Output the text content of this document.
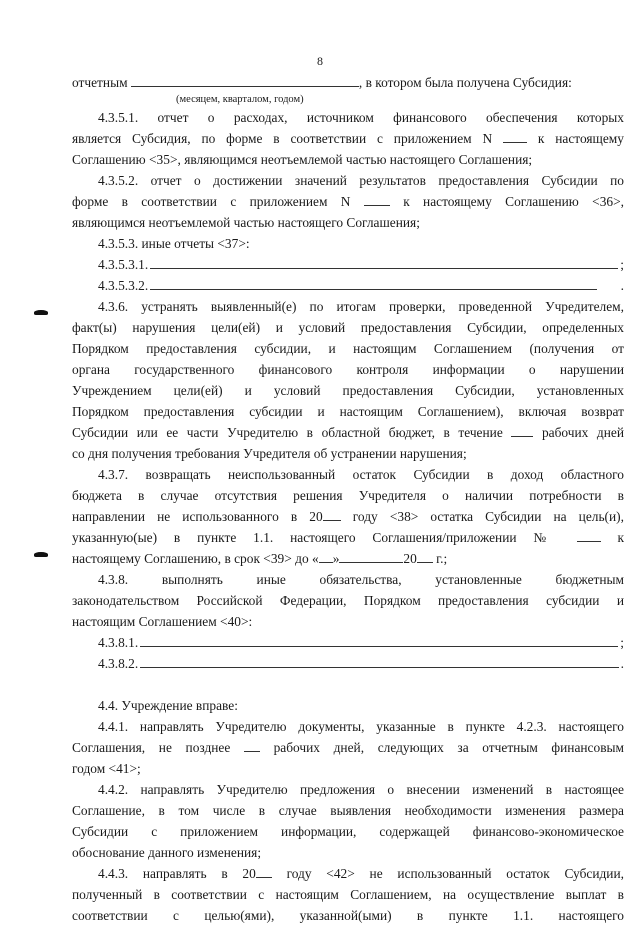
8
отчетным	, в котором была получена Субсидия:
(месяцем, кварталом, годом)
4.3.5.1. отчет о расходах, источником финансового обеспечения которых
является Субсидия, по форме в соответствии с приложением N	к настоящему
Соглашению <35>, являющимся неотъемлемой частью настоящего Соглашения;
4.3.5.2. отчет о достижении значений результатов предоставления Субсидии по
форме в соответствии с приложением N	к настоящему Соглашению <36>,
являющимся неотъемлемой частью настоящего Соглашения;
4.3.5.3. иные отчеты <37>:
4.3.5.3.1.	;
4.3.5.3.2.	.
4.3.6. устранять выявленный(е) по итогам проверки, проведенной Учредителем,
факт(ы) нарушения цели(ей) и условий предоставления Субсидии, определенных
Порядком предоставления субсидии, и настоящим Соглашением (получения от
органа государственного финансового контроля информации о нарушении
Учреждением цели(ей) и условий предоставления Субсидии, установленных
Порядком предоставления субсидии и настоящим Соглашением), включая возврат
Субсидии или ее части Учредителю в областной бюджет, в течение	рабочих дней
со дня получения требования Учредителя об устранении нарушения;
4.3.7. возвращать неиспользованный остаток Субсидии в доход областного
бюджета в случае отсутствия решения Учредителя о наличии потребности в
направлении не использованного в 20 году <38> остатка Субсидии на цель(и),
указанную(ые) в пункте 1.1. настоящего Соглашения/приложении №	к
настоящему Соглашению, в срок <39> до « »	20 г.;
4.3.8. выполнять иные обязательства, установленные бюджетным
законодательством Российской Федерации, Порядком предоставления субсидии и
настоящим Соглашением <40>:
4.3.8.1.	;
4.3.8.2.	.
4.4. Учреждение вправе:
4.4.1. направлять Учредителю документы, указанные в пункте 4.2.3. настоящего
Соглашения, не позднее	рабочих дней, следующих за отчетным финансовым
годом <41>;
4.4.2. направлять Учредителю предложения о внесении изменений в настоящее
Соглашение, в том числе в случае выявления необходимости изменения размера
Субсидии с приложением информации, содержащей финансово-экономическое
обоснование данного изменения;
4.4.3. направлять в 20 году <42> не использованный остаток Субсидии,
полученный в соответствии с настоящим Соглашением, на осуществление выплат в
соответствии с целью(ями), указанной(ыми) в пункте 1.1. настоящего
